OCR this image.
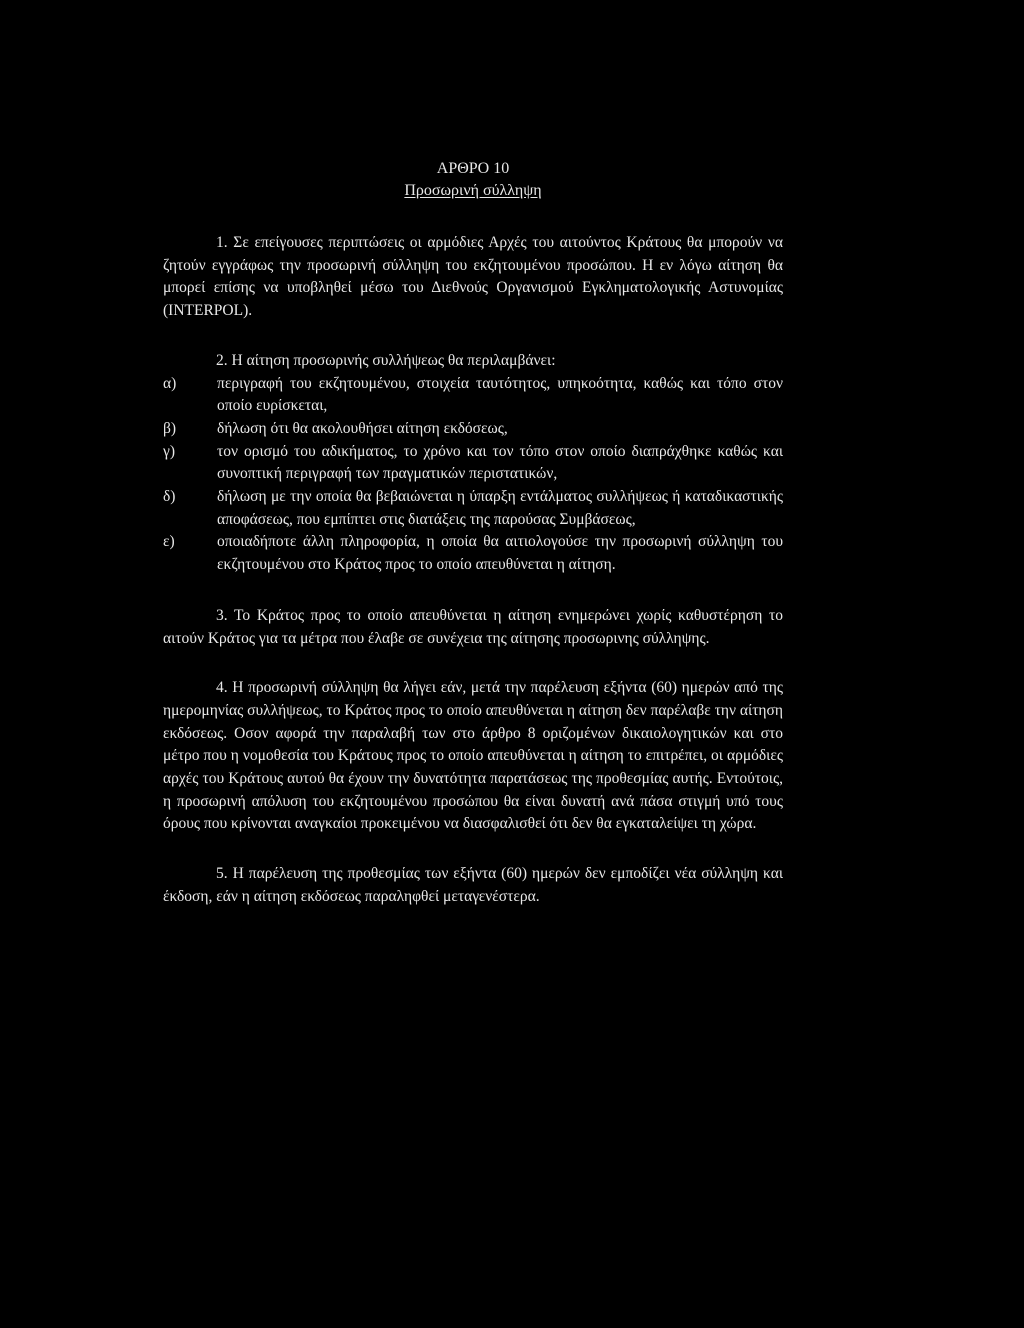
ΑΡΘΡΟ 10
Προσωρινή σύλληψη

1. Σε επείγουσες περιπτώσεις οι αρμόδιες Αρχές του αιτούντος Κράτους θα μπορούν να ζητούν εγγράφως την προσωρινή σύλληψη του εκζητουμένου προσώπου. Η εν λόγω αίτηση θα μπορεί επίσης να υποβληθεί μέσω του Διεθνούς Οργανισμού Εγκληματολογικής Αστυνομίας (INTERPOL).

2. Η αίτηση προσωρινής συλλήψεως θα περιλαμβάνει:

α)	περιγραφή του εκζητουμένου, στοιχεία ταυτότητος, υπηκοότητα, καθώς και τόπο στον οποίο ευρίσκεται,
β)	δήλωση ότι θα ακολουθήσει αίτηση εκδόσεως,
γ)	τον ορισμό του αδικήματος, το χρόνο και τον τόπο στον οποίο διαπράχθηκε καθώς και συνοπτική περιγραφή των πραγματικών περιστατικών,
δ)	δήλωση με την οποία θα βεβαιώνεται η ύπαρξη εντάλματος συλλήψεως ή καταδικαστικής αποφάσεως, που εμπίπτει στις διατάξεις της παρούσας Συμβάσεως,
ε)	οποιαδήποτε άλλη πληροφορία, η οποία θα αιτιολογούσε την προσωρινή σύλληψη του εκζητουμένου στο Κράτος προς το οποίο απευθύνεται η αίτηση.

3. Το Κράτος προς το οποίο απευθύνεται η αίτηση ενημερώνει χωρίς καθυστέρηση το αιτούν Κράτος για τα μέτρα που έλαβε σε συνέχεια της αίτησης προσωρινης σύλληψης.

4. Η προσωρινή σύλληψη θα λήγει εάν, μετά την παρέλευση εξήντα (60) ημερών από της ημερομηνίας συλλήψεως, το Κράτος προς το οποίο απευθύνεται η αίτηση δεν παρέλαβε την αίτηση εκδόσεως. Οσον αφορά την παραλαβή των στο άρθρο 8 οριζομένων δικαιολογητικών και στο μέτρο που η νομοθεσία του Κράτους προς το οποίο απευθύνεται η αίτηση το επιτρέπει, οι αρμόδιες αρχές του Κράτους αυτού θα έχουν την δυνατότητα παρατάσεως της προθεσμίας αυτής. Εντούτοις, η προσωρινή απόλυση του εκζητουμένου προσώπου θα είναι δυνατή ανά πάσα στιγμή υπό τους όρους που κρίνονται αναγκαίοι προκειμένου να διασφαλισθεί ότι δεν θα εγκαταλείψει τη χώρα.

5. Η παρέλευση της προθεσμίας των εξήντα (60) ημερών δεν εμποδίζει νέα σύλληψη και έκδοση, εάν η αίτηση εκδόσεως παραληφθεί μεταγενέστερα.
